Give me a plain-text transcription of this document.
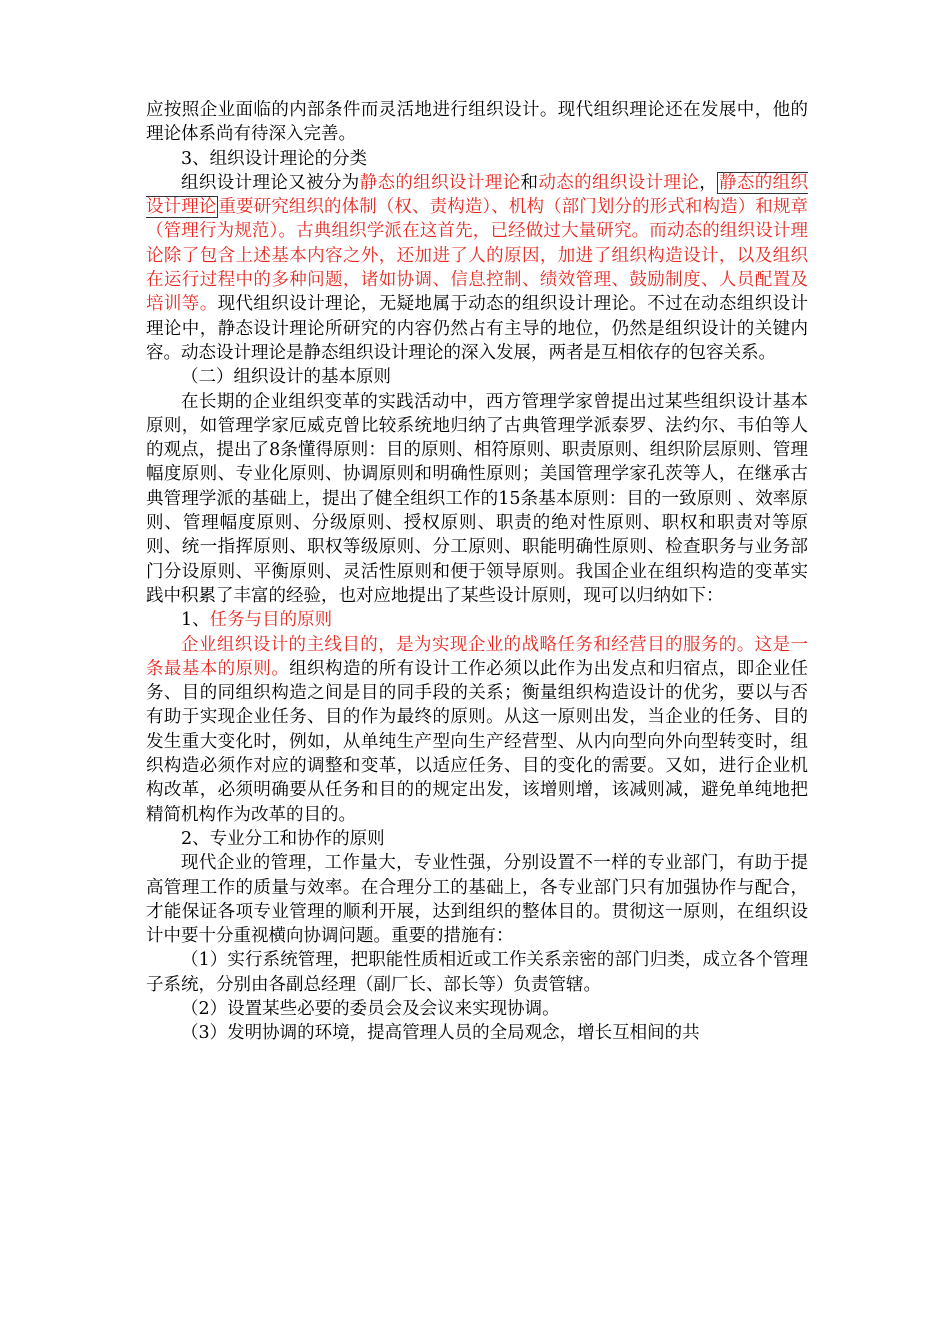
应按照企业面临的内部条件而灵活地进行组织设计。现代组织理论还在发展中，他的理论体系尚有待深入完善。

3、组织设计理论的分类

组织设计理论又被分为静态的组织设计理论和动态的组织设计理论， 静态的组织设计理论 重要研究组织的体制（权、责构造）、机构（部门划分的形式和构造）和规章（管理行为规范）。古典组织学派在这首先，已经做过大量研究。而动态的组织设计理论除了包含上述基本内容之外，还加进了人的原因，加进了组织构造设计，以及组织在运行过程中的多种问题，诸如协调、信息控制、绩效管理、鼓励制度、人员配置及培训等。现代组织设计理论，无疑地属于动态的组织设计理论。不过在动态组织设计理论中，静态设计理论所研究的内容仍然占有主导的地位，仍然是组织设计的关键内容。动态设计理论是静态组织设计理论的深入发展，两者是互相依存的包容关系。

（二）组织设计的基本原则

在长期的企业组织变革的实践活动中，西方管理学家曾提出过某些组织设计基本原则，如管理学家厄威克曾比较系统地归纳了古典管理学派泰罗、法约尔、韦伯等人的观点，提出了8条懂得原则：目的原则、相符原则、职责原则、组织阶层原则、管理幅度原则、专业化原则、协调原则和明确性原则；美国管理学家孔茨等人，在继承古典管理学派的基础上，提出了健全组织工作的15条基本原则：目的一致原则 、效率原则、管理幅度原则、分级原则、授权原则、职责的绝对性原则、职权和职责对等原则、统一指挥原则、职权等级原则、分工原则、职能明确性原则、检查职务与业务部门分设原则、平衡原则、灵活性原则和便于领导原则。我国企业在组织构造的变革实践中积累了丰富的经验，也对应地提出了某些设计原则，现可以归纳如下：

1、任务与目的原则

企业组织设计的主线目的，是为实现企业的战略任务和经营目的服务的。这是一条最基本的原则。组织构造的所有设计工作必须以此作为出发点和归宿点，即企业任务、目的同组织构造之间是目的同手段的关系；衡量组织构造设计的优劣，要以与否有助于实现企业任务、目的作为最终的原则。从这一原则出发，当企业的任务、目的发生重大变化时，例如，从单纯生产型向生产经营型、从内向型向外向型转变时，组织构造必须作对应的调整和变革，以适应任务、目的变化的需要。又如，进行企业机构改革，必须明确要从任务和目的的规定出发，该增则增，该减则减，避免单纯地把精简机构作为改革的目的。

2、专业分工和协作的原则

现代企业的管理，工作量大，专业性强，分别设置不一样的专业部门，有助于提高管理工作的质量与效率。在合理分工的基础上，各专业部门只有加强协作与配合，才能保证各项专业管理的顺利开展，达到组织的整体目的。贯彻这一原则，在组织设计中要十分重视横向协调问题。重要的措施有：

（1）实行系统管理，把职能性质相近或工作关系亲密的部门归类，成立各个管理子系统，分别由各副总经理（副厂长、部长等）负责管辖。

（2）设置某些必要的委员会及会议来实现协调。

（3）发明协调的环境，提高管理人员的全局观念，增长互相间的共
